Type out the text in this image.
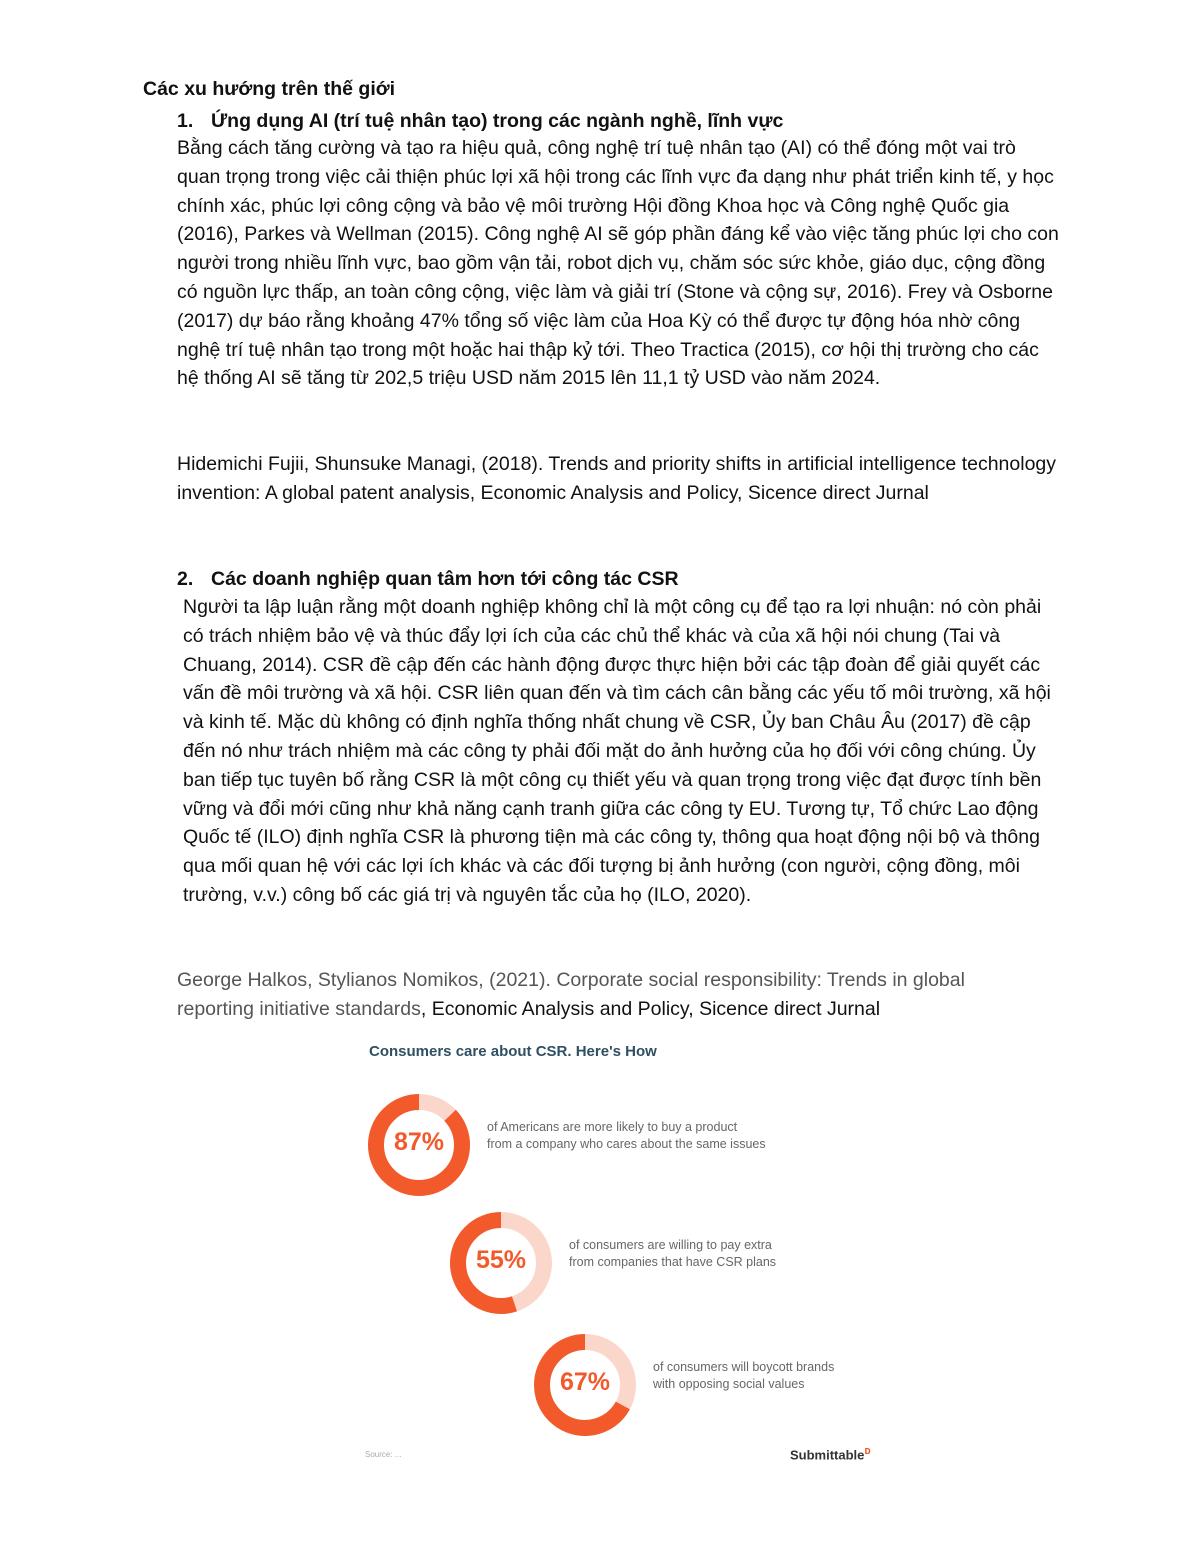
Các xu hướng trên thế giới
1. Ứng dụng AI (trí tuệ nhân tạo) trong các ngành nghề, lĩnh vực

Bằng cách tăng cường và tạo ra hiệu quả, công nghệ trí tuệ nhân tạo (AI) có thể đóng một vai trò quan trọng trong việc cải thiện phúc lợi xã hội trong các lĩnh vực đa dạng như phát triển kinh tế, y học chính xác, phúc lợi công cộng và bảo vệ môi trường Hội đồng Khoa học và Công nghệ Quốc gia (2016), Parkes và Wellman (2015). Công nghệ AI sẽ góp phần đáng kể vào việc tăng phúc lợi cho con người trong nhiều lĩnh vực, bao gồm vận tải, robot dịch vụ, chăm sóc sức khỏe, giáo dục, cộng đồng có nguồn lực thấp, an toàn công cộng, việc làm và giải trí (Stone và cộng sự, 2016). Frey và Osborne (2017) dự báo rằng khoảng 47% tổng số việc làm của Hoa Kỳ có thể được tự động hóa nhờ công nghệ trí tuệ nhân tạo trong một hoặc hai thập kỷ tới. Theo Tractica (2015), cơ hội thị trường cho các hệ thống AI sẽ tăng từ 202,5 triệu USD năm 2015 lên 11,1 tỷ USD vào năm 2024.

Hidemichi Fujii, Shunsuke Managi, (2018). Trends and priority shifts in artificial intelligence technology invention: A global patent analysis, Economic Analysis and Policy, Sicence direct Jurnal

2. Các doanh nghiệp quan tâm hơn tới công tác CSR

Người ta lập luận rằng một doanh nghiệp không chỉ là một công cụ để tạo ra lợi nhuận: nó còn phải có trách nhiệm bảo vệ và thúc đẩy lợi ích của các chủ thể khác và của xã hội nói chung (Tai và Chuang, 2014). CSR đề cập đến các hành động được thực hiện bởi các tập đoàn để giải quyết các vấn đề môi trường và xã hội. CSR liên quan đến và tìm cách cân bằng các yếu tố môi trường, xã hội và kinh tế. Mặc dù không có định nghĩa thống nhất chung về CSR, Ủy ban Châu Âu (2017) đề cập đến nó như trách nhiệm mà các công ty phải đối mặt do ảnh hưởng của họ đối với công chúng. Ủy ban tiếp tục tuyên bố rằng CSR là một công cụ thiết yếu và quan trọng trong việc đạt được tính bền vững và đổi mới cũng như khả năng cạnh tranh giữa các công ty EU. Tương tự, Tổ chức Lao động Quốc tế (ILO) định nghĩa CSR là phương tiện mà các công ty, thông qua hoạt động nội bộ và thông qua mối quan hệ với các lợi ích khác và các đối tượng bị ảnh hưởng (con người, cộng đồng, môi trường, v.v.) công bố các giá trị và nguyên tắc của họ (ILO, 2020).

George Halkos, Stylianos Nomikos, (2021). Corporate social responsibility: Trends in global reporting initiative standards, Economic Analysis and Policy, Sicence direct Jurnal

Consumers care about CSR. Here's How
87%
of Americans are more likely to buy a product
from a company who cares about the same issues
55%
of consumers are willing to pay extra
from companies that have CSR plans
67%
of consumers will boycott brands
with opposing social values
Source: ...	Submittable$^ᴅ$
